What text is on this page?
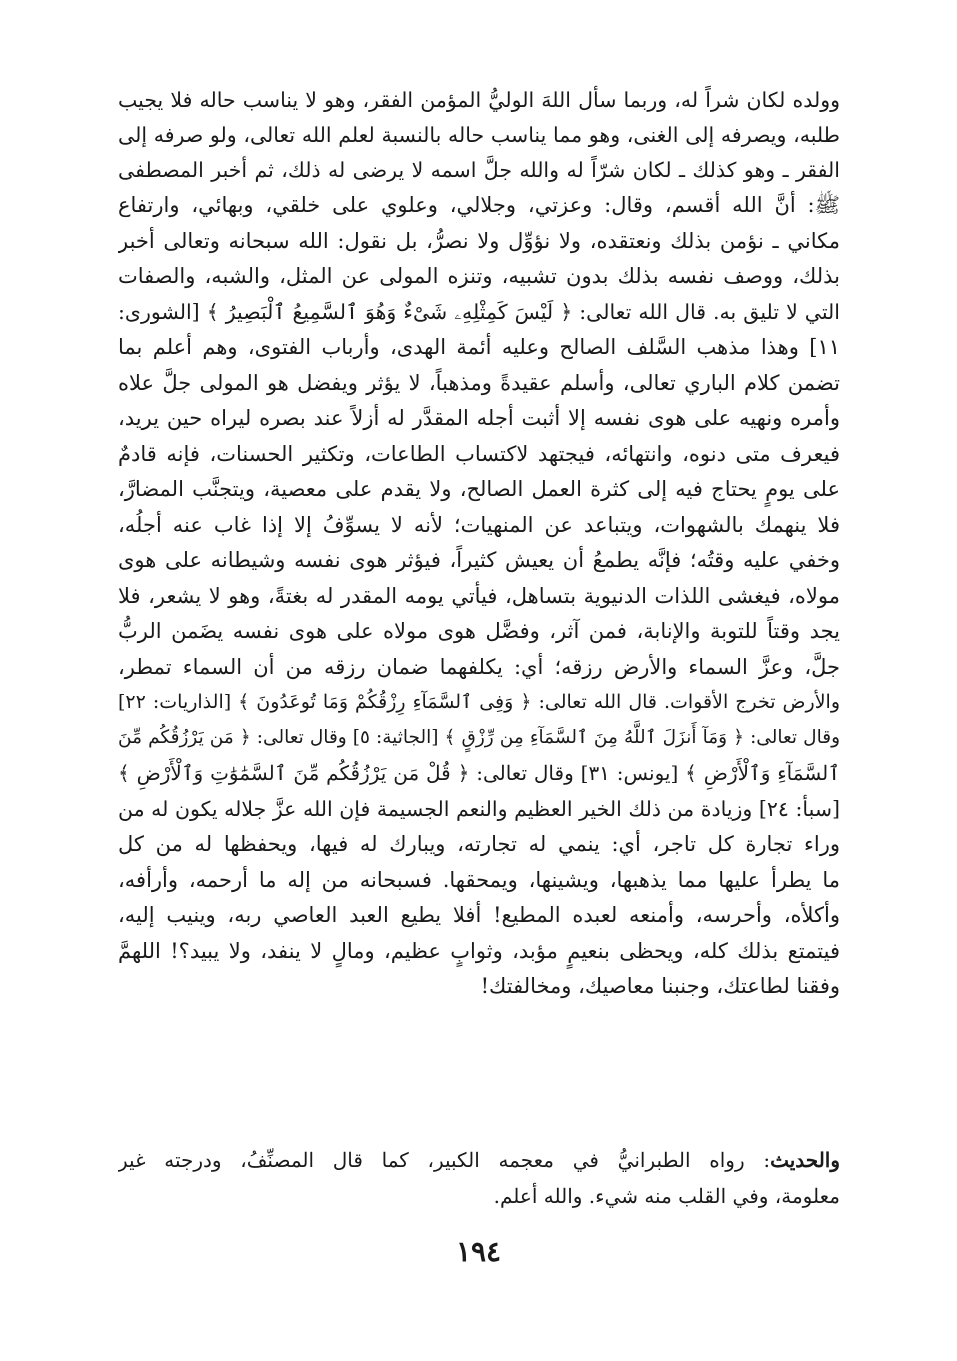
وولده لكان شراً له، وربما سأل اللهَ الوليُّ المؤمن الفقر، وهو لا يناسب حاله فلا يجيب
طلبه، ويصرفه إلى الغنى، وهو مما يناسب حاله بالنسبة لعلم الله تعالى، ولو صرفه إلى
الفقر ـ وهو كذلك ـ لكان شرّاً له والله جلَّ اسمه لا يرضى له ذلك، ثم أخبر المصطفى
ﷺ: أنَّ الله أقسم، وقال: وعزتي، وجلالي، وعلوي على خلقي، وبهائي، وارتفاع
مكاني ـ نؤمن بذلك ونعتقده، ولا نؤوِّل ولا نصرُّ، بل نقول: الله سبحانه وتعالى أخبر
بذلك، ووصف نفسه بذلك بدون تشبيه، وتنزه المولى عن المثل، والشبه، والصفات
التي لا تليق به. قال الله تعالى: ﴿ لَيْسَ كَمِثْلِهِۦ شَىْءٌ وَهُوَ ٱلسَّمِيعُ ٱلْبَصِيرُ ﴾ [الشورى:
١١] وهذا مذهب السَّلف الصالح وعليه أئمة الهدى، وأرباب الفتوى، وهم أعلم بما
تضمن كلام الباري تعالى، وأسلم عقيدةً ومذهباً، لا يؤثر ويفضل هو المولى جلَّ علاه
وأمره ونهيه على هوى نفسه إلا أثبت أجله المقدَّر له أزلاً عند بصره ليراه حين يريد،
فيعرف متى دنوه، وانتهائه، فيجتهد لاكتساب الطاعات، وتكثير الحسنات، فإنه قادمٌ
على يومٍ يحتاج فيه إلى كثرة العمل الصالح، ولا يقدم على معصية، ويتجنَّب المضارَّ،
فلا ينهمك بالشهوات، ويتباعد عن المنهيات؛ لأنه لا يسوِّفُ إلا إذا غاب عنه أجلُه،
وخفي عليه وقتُه؛ فإنَّه يطمعُ أن يعيش كثيراً، فيؤثر هوى نفسه وشيطانه على هوى
مولاه، فيغشى اللذات الدنيوية بتساهل، فيأتي يومه المقدر له بغتةً، وهو لا يشعر، فلا
يجد وقتاً للتوبة والإنابة، فمن آثر، وفضَّل هوى مولاه على هوى نفسه يضَمن الربُّ
جلَّ، وعزَّ السماء والأرض رزقه؛ أي: يكلفهما ضمان رزقه من أن السماء تمطر،
والأرض تخرج الأقوات. قال الله تعالى: ﴿ وَفِى ٱلسَّمَآءِ رِزْقُكُمْ وَمَا تُوعَدُونَ ﴾ [الذاريات: ٢٢]
وقال تعالى: ﴿ وَمَآ أَنزَلَ ٱللَّهُ مِنَ ٱلسَّمَآءِ مِن رِّزْقٍ ﴾ [الجاثية: ٥] وقال تعالى: ﴿ مَن يَرْزُقُكُم مِّنَ
ٱلسَّمَآءِ وَٱلْأَرْضِ ﴾ [يونس: ٣١] وقال تعالى: ﴿ قُلْ مَن يَرْزُقُكُم مِّنَ ٱلسَّمَٰوَٰتِ وَٱلْأَرْضِ ﴾
[سبأ: ٢٤] وزيادة من ذلك الخير العظيم والنعم الجسيمة فإن الله عزَّ جلاله يكون له من
وراء تجارة كل تاجر، أي: ينمي له تجارته، ويبارك له فيها، ويحفظها له من كل
ما يطرأ عليها مما يذهبها، ويشينها، ويمحقها. فسبحانه من إله ما أرحمه، وأرأفه،
وأكلأه، وأحرسه، وأمنعه لعبده المطيع! أفلا يطيع العبد العاصي ربه، وينيب إليه،
فيتمتع بذلك كله، ويحظى بنعيمٍ مؤبد، وثوابٍ عظيم، ومالٍ لا ينفد، ولا يبيد؟! اللهمَّ
وفقنا لطاعتك، وجنبنا معاصيك، ومخالفتك!
والحديث: رواه الطبرانيُّ في معجمه الكبير، كما قال المصنِّفُ، ودرجته غير
معلومة، وفي القلب منه شيء. والله أعلم.
١٩٤
